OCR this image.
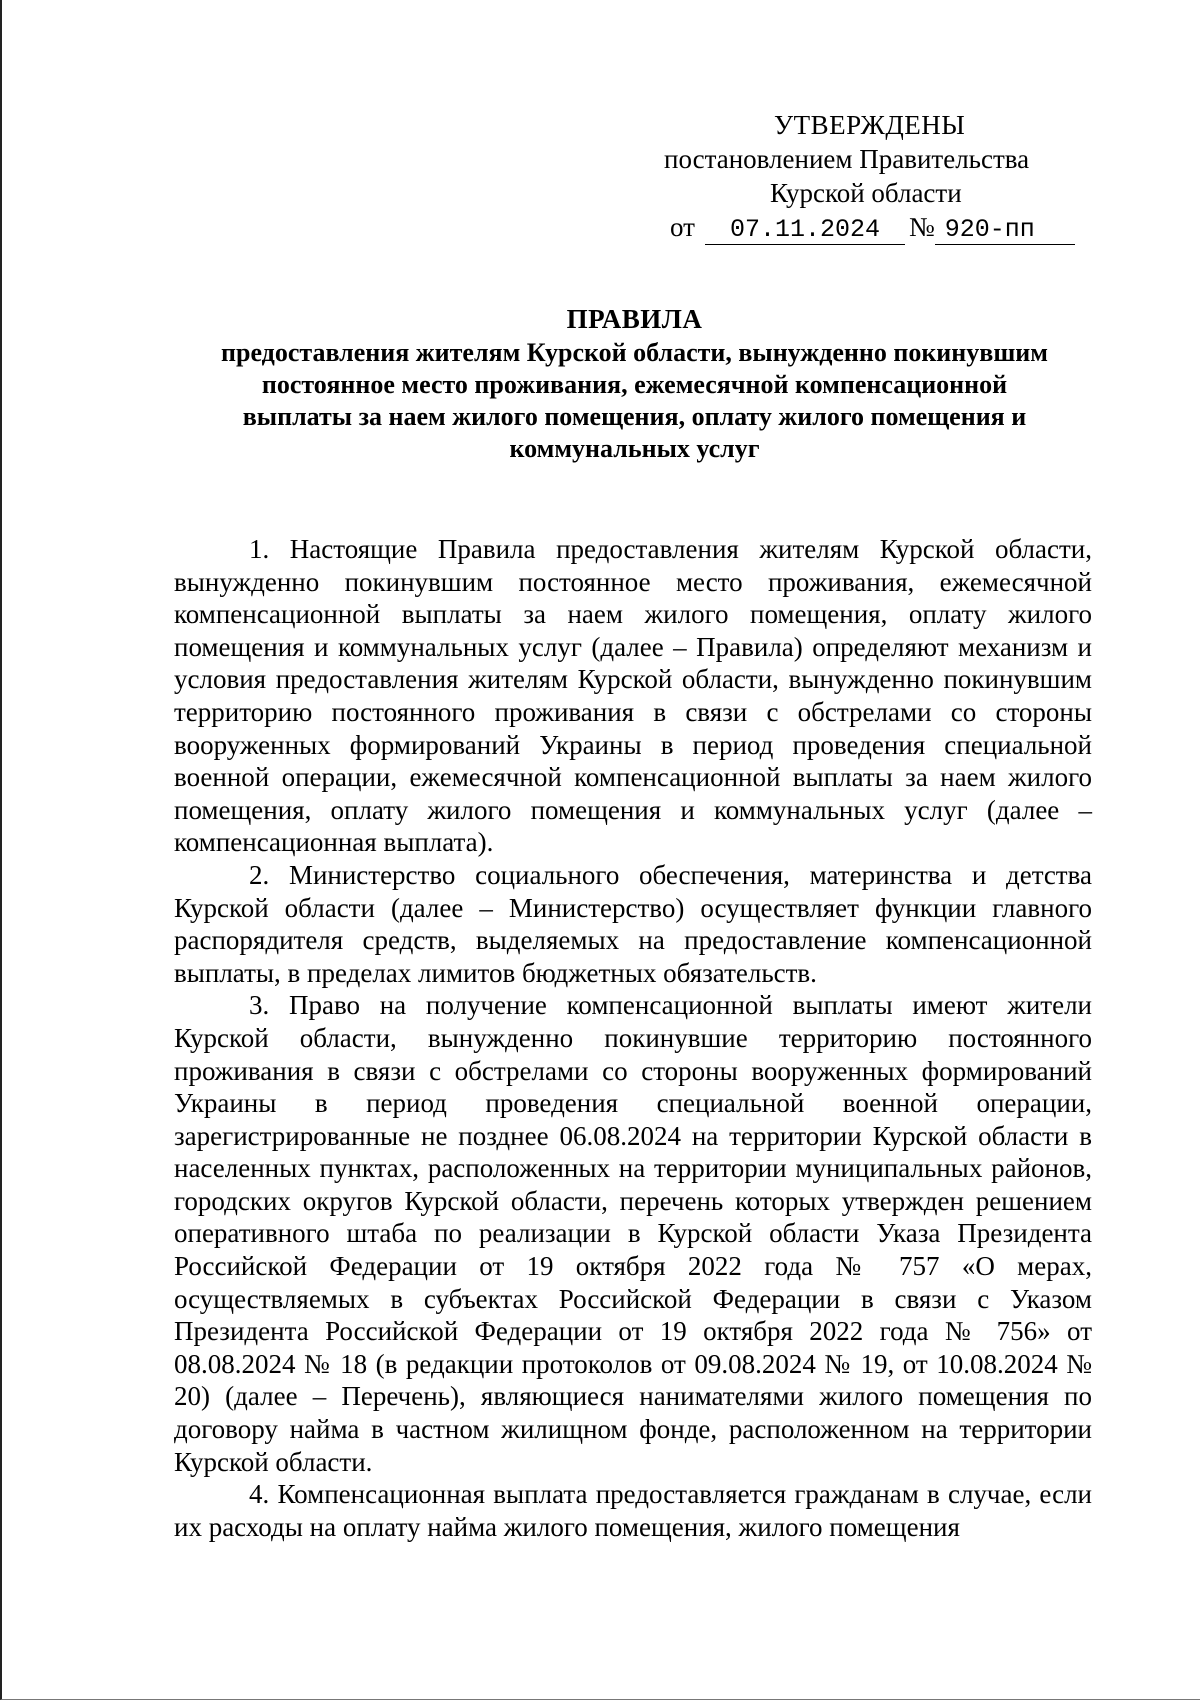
УТВЕРЖДЕНЫ
постановлением Правительства
Курской области
от 07.11.2024 № 920-пп
ПРАВИЛА
предоставления жителям Курской области, вынужденно покинувшим
постоянное место проживания, ежемесячной компенсационной
выплаты за наем жилого помещения, оплату жилого помещения и
коммунальных услуг

1. Настоящие Правила предоставления жителям Курской области, вынужденно покинувшим постоянное место проживания, ежемесячной компенсационной выплаты за наем жилого помещения, оплату жилого помещения и коммунальных услуг (далее – Правила) определяют механизм и условия предоставления жителям Курской области, вынужденно покинувшим территорию постоянного проживания в связи с обстрелами со стороны вооруженных формирований Украины в период проведения специальной военной операции, ежемесячной компенсационной выплаты за наем жилого помещения, оплату жилого помещения и коммунальных услуг (далее – компенсационная выплата).

2. Министерство социального обеспечения, материнства и детства Курской области (далее – Министерство) осуществляет функции главного распорядителя средств, выделяемых на предоставление компенсационной выплаты, в пределах лимитов бюджетных обязательств.

3. Право на получение компенсационной выплаты имеют жители Курской области, вынужденно покинувшие территорию постоянного проживания в связи с обстрелами со стороны вооруженных формирований Украины в период проведения специальной военной операции, зарегистрированные не позднее 06.08.2024 на территории Курской области в населенных пунктах, расположенных на территории муниципальных районов, городских округов Курской области, перечень которых утвержден решением оперативного штаба по реализации в Курской области Указа Президента Российской Федерации от 19 октября 2022 года № 757 «О мерах, осуществляемых в субъектах Российской Федерации в связи с Указом Президента Российской Федерации от 19 октября 2022 года № 756» от 08.08.2024 № 18 (в редакции протоколов от 09.08.2024 № 19, от 10.08.2024 № 20) (далее – Перечень), являющиеся нанимателями жилого помещения по договору найма в частном жилищном фонде, расположенном на территории Курской области.

4. Компенсационная выплата предоставляется гражданам в случае, если их расходы на оплату найма жилого помещения, жилого помещения
